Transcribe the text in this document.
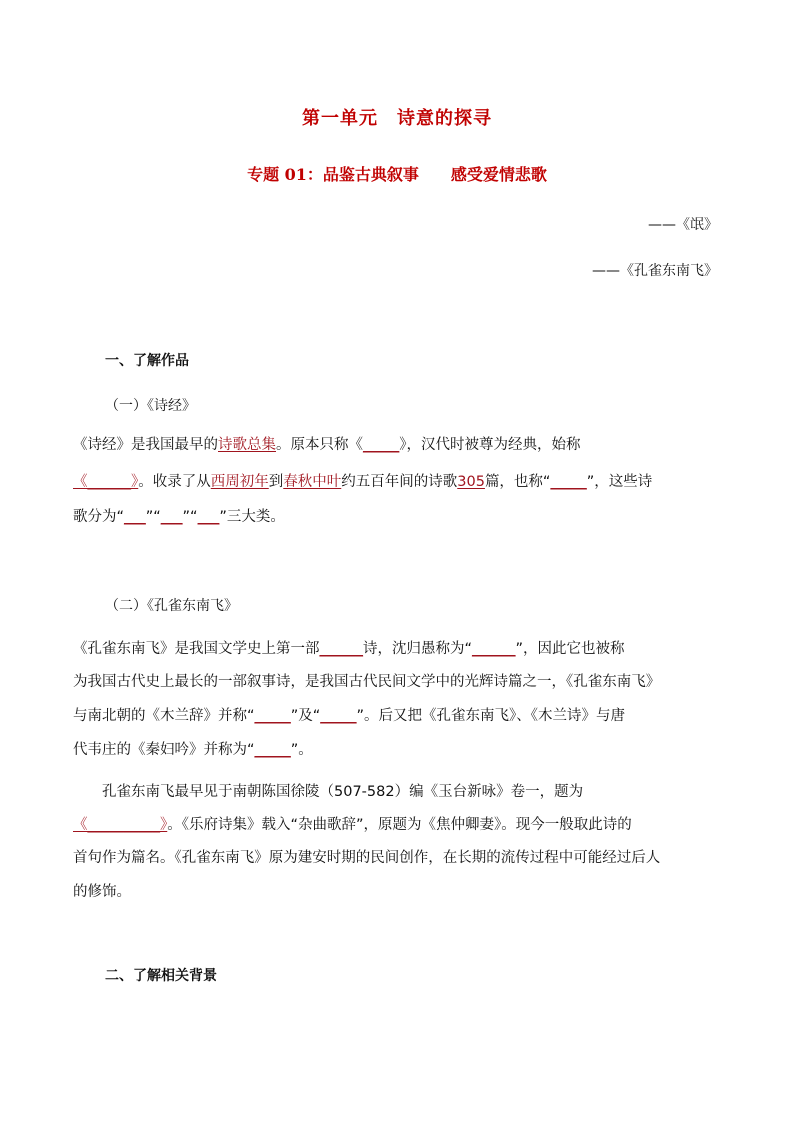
第一单元　诗意的探寻
专题 01：品鉴古典叙事　　感受爱情悲歌
——《氓》
——《孔雀东南飞》
一、了解作品
（一）《诗经》
《诗经》是我国最早的诗歌总集。原本只称《_____》，汉代时被尊为经典，始称
《______》。收录了从西周初年到春秋中叶约五百年间的诗歌305篇，也称“_____”，这些诗
歌分为“___”“___”“___”三大类。
（二）《孔雀东南飞》
《孔雀东南飞》是我国文学史上第一部______诗，沈归愚称为“______”，因此它也被称
为我国古代史上最长的一部叙事诗，是我国古代民间文学中的光辉诗篇之一，《孔雀东南飞》
与南北朝的《木兰辞》并称“_____”及“_____”。后又把《孔雀东南飞》、《木兰诗》与唐
代韦庄的《秦妇吟》并称为“_____”。
孔雀东南飞最早见于南朝陈国徐陵（507-582）编《玉台新咏》卷一，题为
《__________》。《乐府诗集》载入“杂曲歌辞”，原题为《焦仲卿妻》。现今一般取此诗的
首句作为篇名。《孔雀东南飞》原为建安时期的民间创作，在长期的流传过程中可能经过后人
的修饰。
二、了解相关背景
